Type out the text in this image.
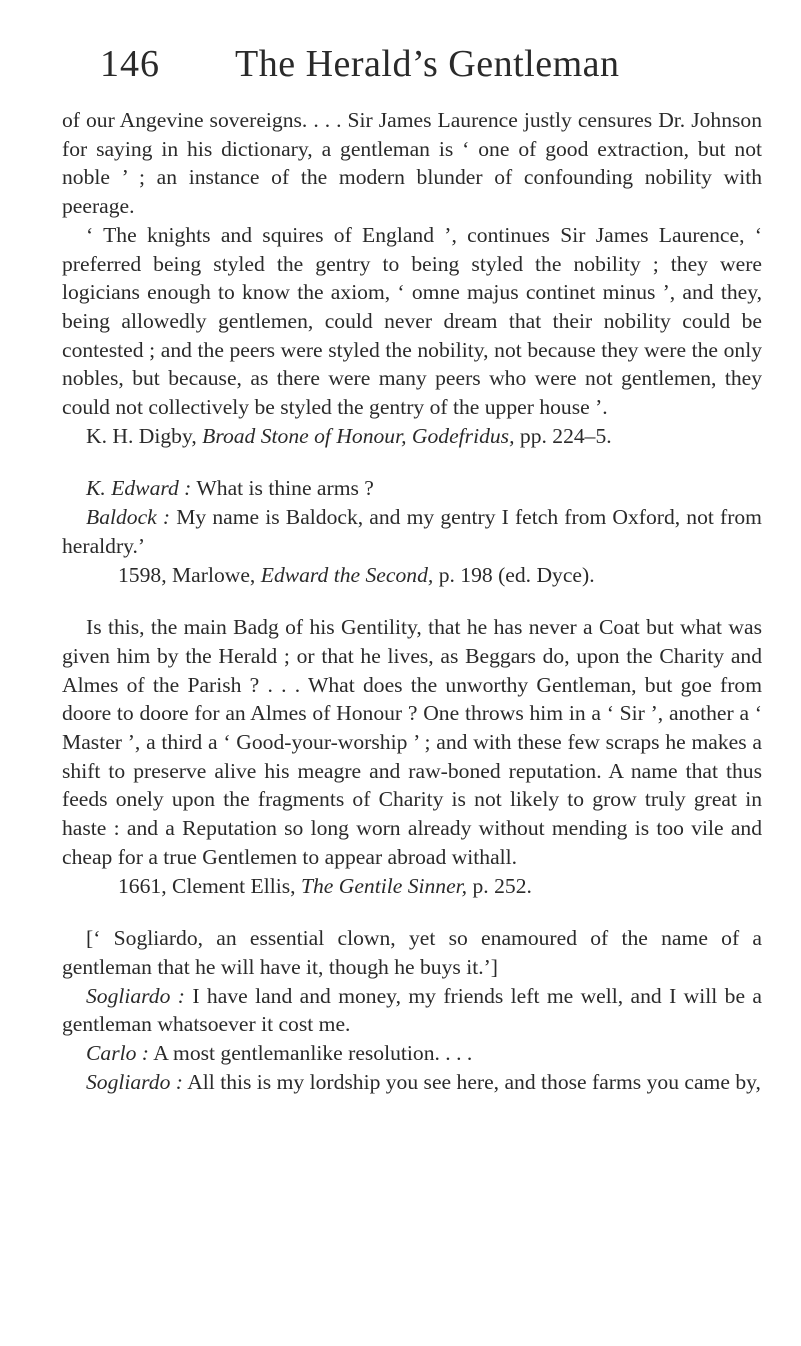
146 The Herald’s Gentleman

of our Angevine sovereigns. . . . Sir James Laurence justly censures Dr. Johnson for saying in his dictionary, a gentleman is ‘ one of good extraction, but not noble ’ ; an instance of the modern blunder of confounding nobility with peerage.

‘ The knights and squires of England ’, continues Sir James Laurence, ‘ preferred being styled the gentry to being styled the nobility ; they were logicians enough to know the axiom, ‘ omne majus continet minus ’, and they, being allowedly gentlemen, could never dream that their nobility could be contested ; and the peers were styled the nobility, not because they were the only nobles, but because, as there were many peers who were not gentlemen, they could not collectively be styled the gentry of the upper house ’.

K. H. Digby, Broad Stone of Honour, Godefridus, pp. 224–5.

K. Edward : What is thine arms ?

Baldock : My name is Baldock, and my gentry I fetch from Oxford, not from heraldry.’

1598, Marlowe, Edward the Second, p. 198 (ed. Dyce).

Is this, the main Badg of his Gentility, that he has never a Coat but what was given him by the Herald ; or that he lives, as Beggars do, upon the Charity and Almes of the Parish ? . . . What does the unworthy Gentleman, but goe from doore to doore for an Almes of Honour ? One throws him in a ‘ Sir ’, another a ‘ Master ’, a third a ‘ Good-your-worship ’ ; and with these few scraps he makes a shift to preserve alive his meagre and raw-boned reputation. A name that thus feeds onely upon the fragments of Charity is not likely to grow truly great in haste : and a Reputation so long worn already without mending is too vile and cheap for a true Gentlemen to appear abroad withall.

1661, Clement Ellis, The Gentile Sinner, p. 252.

[‘ Sogliardo, an essential clown, yet so enamoured of the name of a gentleman that he will have it, though he buys it.’]

Sogliardo : I have land and money, my friends left me well, and I will be a gentleman whatsoever it cost me.

Carlo : A most gentlemanlike resolution. . . .

Sogliardo : All this is my lordship you see here, and those farms you came by,
